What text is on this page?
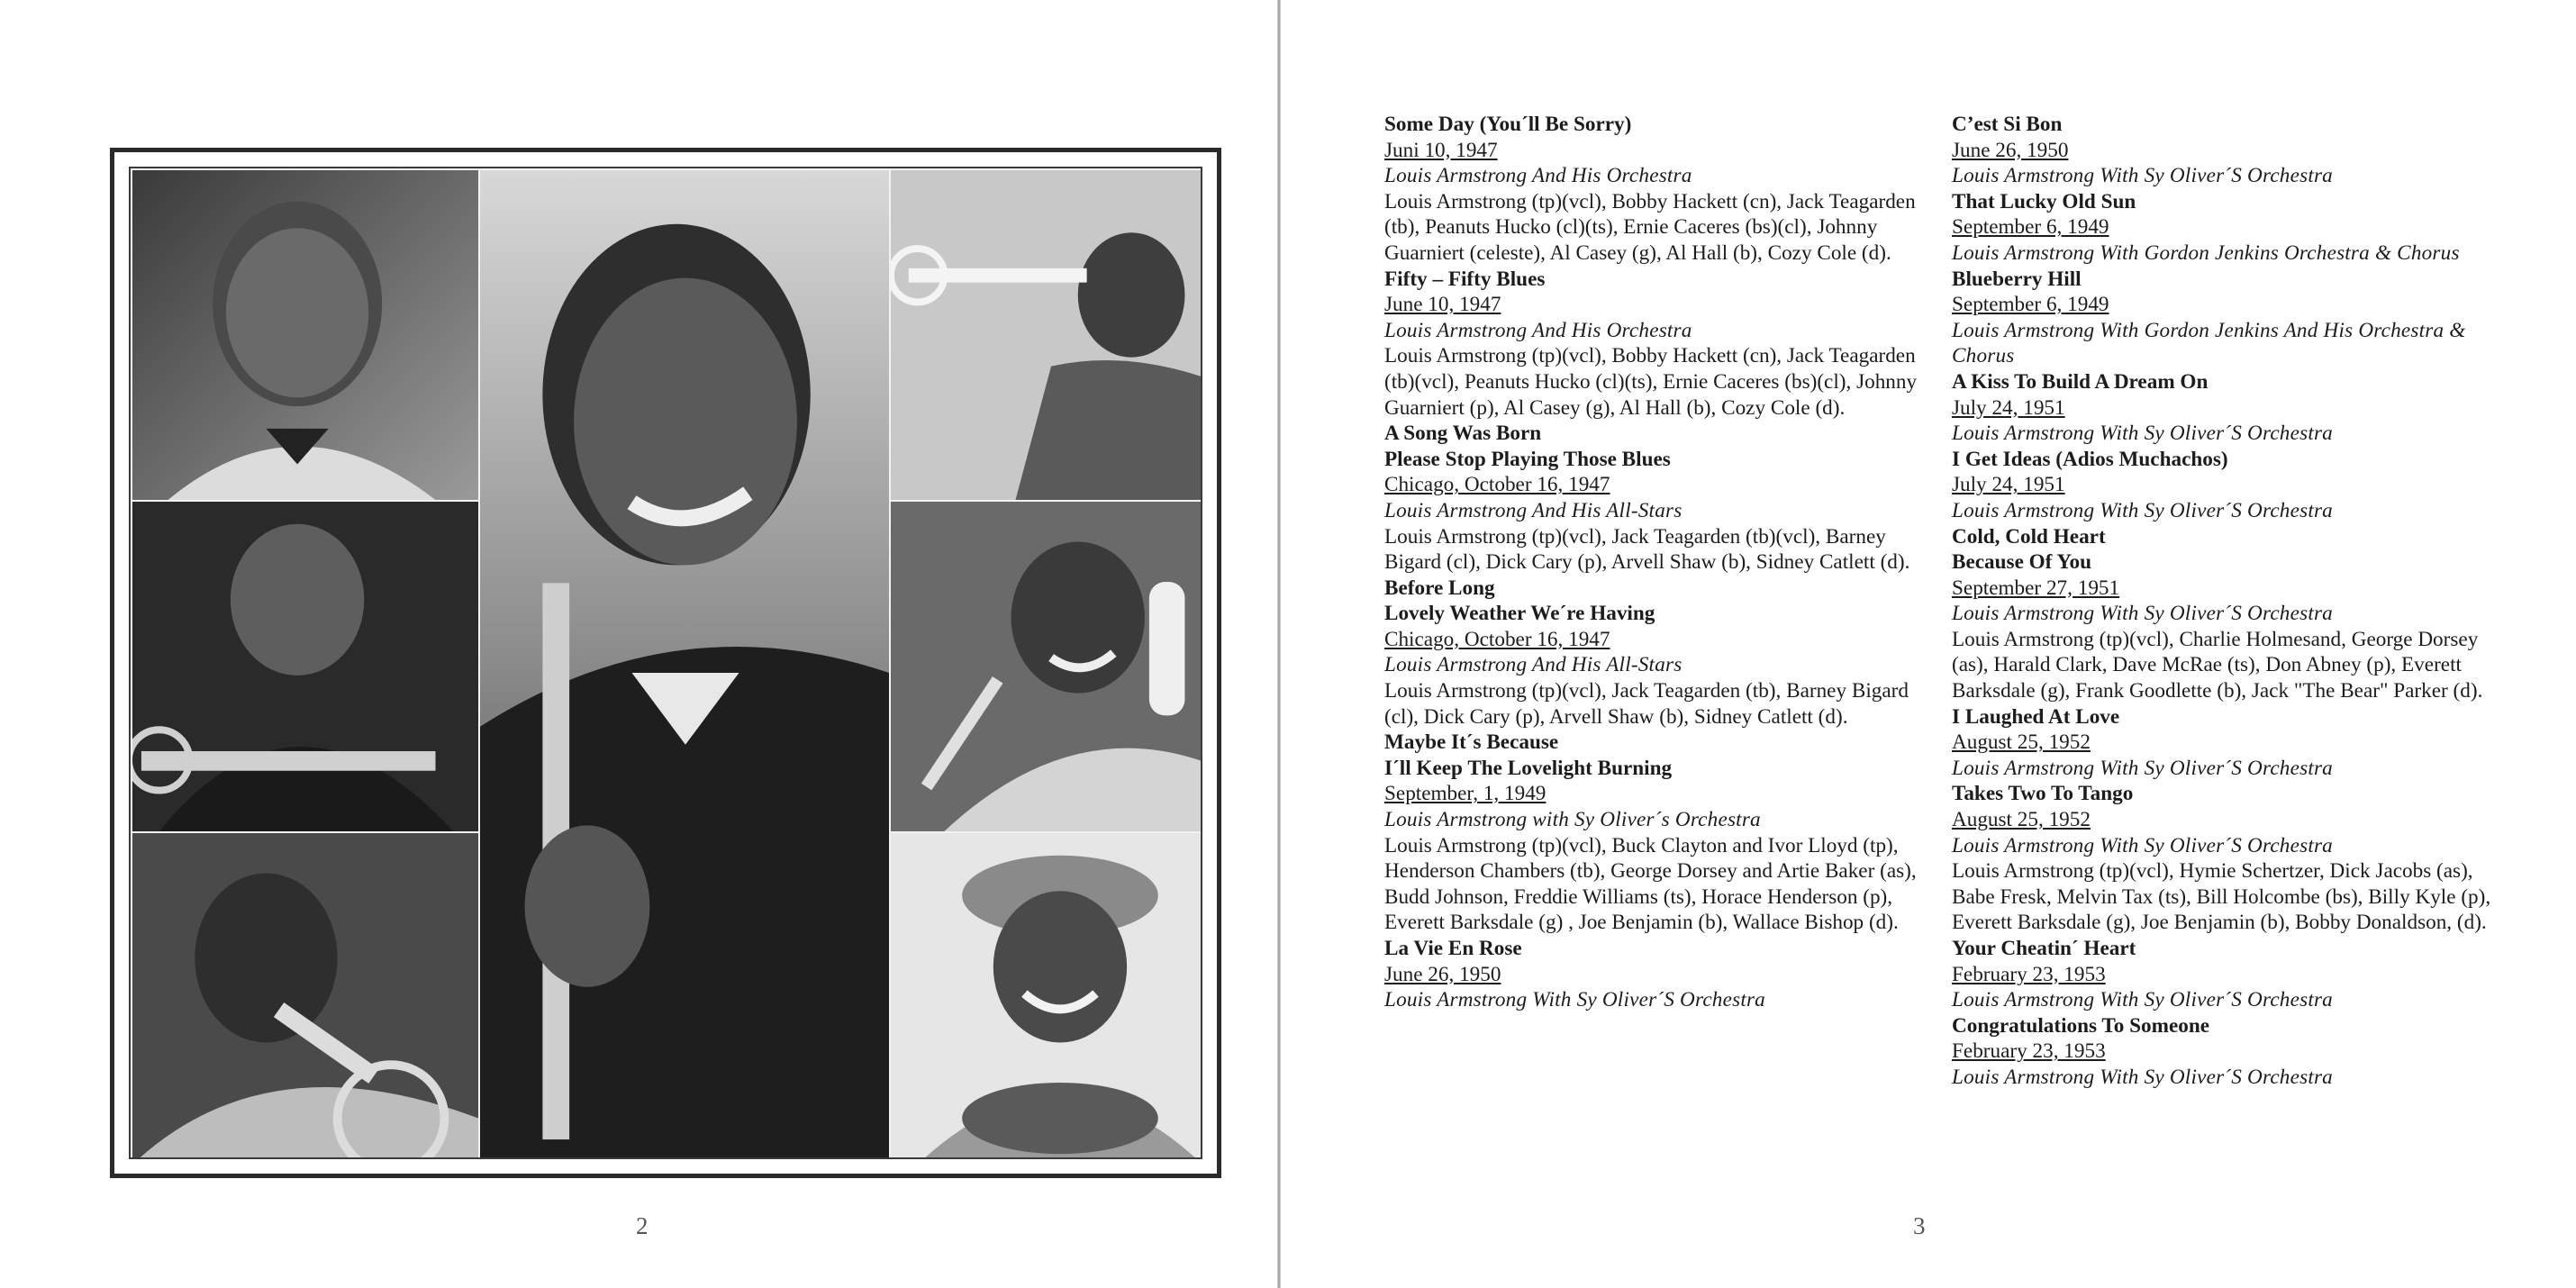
2
Some Day (You´ll Be Sorry)
Juni 10, 1947
Louis Armstrong And His Orchestra
Louis Armstrong (tp)(vcl), Bobby Hackett (cn), Jack Teagarden (tb), Peanuts Hucko (cl)(ts), Ernie Caceres (bs)(cl), Johnny Guarniert (celeste), Al Casey (g), Al Hall (b), Cozy Cole (d).
Fifty – Fifty Blues
June 10, 1947
Louis Armstrong And His Orchestra
Louis Armstrong (tp)(vcl), Bobby Hackett (cn), Jack Teagarden (tb)(vcl), Peanuts Hucko (cl)(ts), Ernie Caceres (bs)(cl), Johnny Guarniert (p), Al Casey (g), Al Hall (b), Cozy Cole (d).
A Song Was Born
Please Stop Playing Those Blues
Chicago, October 16, 1947
Louis Armstrong And His All-Stars
Louis Armstrong (tp)(vcl), Jack Teagarden (tb)(vcl), Barney Bigard (cl), Dick Cary (p), Arvell Shaw (b), Sidney Catlett (d).
Before Long
Lovely Weather We´re Having
Chicago, October 16, 1947
Louis Armstrong And His All-Stars
Louis Armstrong (tp)(vcl), Jack Teagarden (tb), Barney Bigard (cl), Dick Cary (p), Arvell Shaw (b), Sidney Catlett (d).
Maybe It´s Because
I´ll Keep The Lovelight Burning
September, 1, 1949
Louis Armstrong with Sy Oliver´s Orchestra
Louis Armstrong (tp)(vcl), Buck Clayton and Ivor Lloyd (tp), Henderson Chambers (tb), George Dorsey and Artie Baker (as), Budd Johnson, Freddie Williams (ts), Horace Henderson (p), Everett Barksdale (g) , Joe Benjamin (b), Wallace Bishop (d).
La Vie En Rose
June 26, 1950
Louis Armstrong With Sy Oliver´S Orchestra
C’est Si Bon
June 26, 1950
Louis Armstrong With Sy Oliver´S Orchestra
That Lucky Old Sun
September 6, 1949
Louis Armstrong With Gordon Jenkins Orchestra & Chorus
Blueberry Hill
September 6, 1949
Louis Armstrong With Gordon Jenkins And His Orchestra & Chorus
A Kiss To Build A Dream On
July 24, 1951
Louis Armstrong With Sy Oliver´S Orchestra
I Get Ideas (Adios Muchachos)
July 24, 1951
Louis Armstrong With Sy Oliver´S Orchestra
Cold, Cold Heart
Because Of You
September 27, 1951
Louis Armstrong With Sy Oliver´S Orchestra
Louis Armstrong (tp)(vcl), Charlie Holmesand, George Dorsey (as), Harald Clark, Dave McRae (ts), Don Abney (p), Everett Barksdale (g), Frank Goodlette (b), Jack "The Bear" Parker (d).
I Laughed At Love
August 25, 1952
Louis Armstrong With Sy Oliver´S Orchestra
Takes Two To Tango
August 25, 1952
Louis Armstrong With Sy Oliver´S Orchestra
Louis Armstrong (tp)(vcl), Hymie Schertzer, Dick Jacobs (as), Babe Fresk, Melvin Tax (ts), Bill Holcombe (bs), Billy Kyle (p), Everett Barksdale (g), Joe Benjamin (b), Bobby Donaldson, (d).
Your Cheatin´ Heart
February 23, 1953
Louis Armstrong With Sy Oliver´S Orchestra
Congratulations To Someone
February 23, 1953
Louis Armstrong With Sy Oliver´S Orchestra
3
